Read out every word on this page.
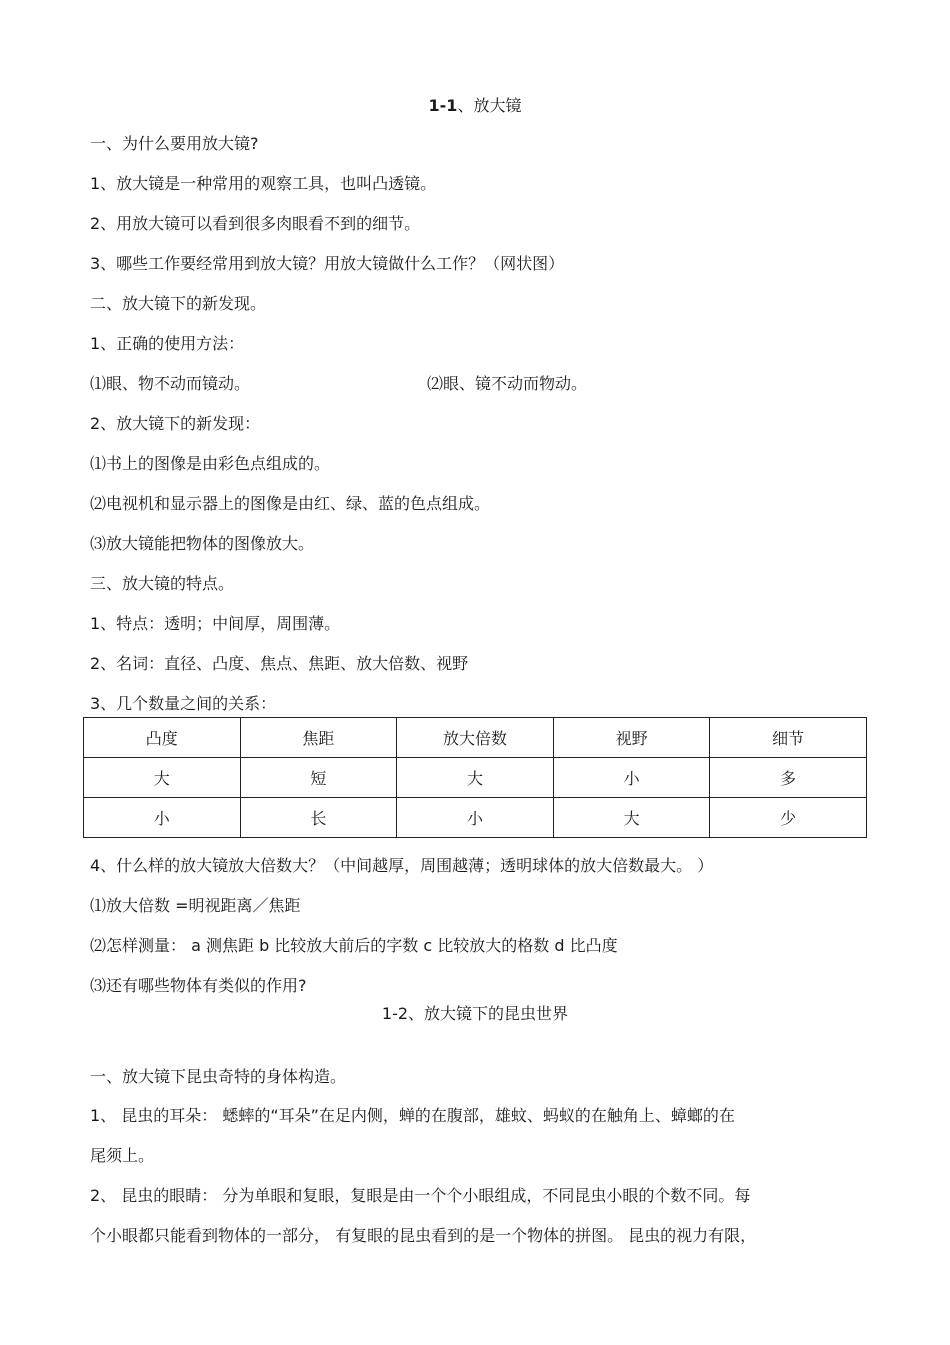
1-1、放大镜
一、为什么要用放大镜?
1、放大镜是一种常用的观察工具，也叫凸透镜。
2、用放大镜可以看到很多肉眼看不到的细节。
3、哪些工作要经常用到放大镜？用放大镜做什么工作？（网状图）
二、放大镜下的新发现。
1、正确的使用方法：
⑴眼、物不动而镜动。	⑵眼、镜不动而物动。
2、放大镜下的新发现：
⑴书上的图像是由彩色点组成的。
⑵电视机和显示器上的图像是由红、绿、蓝的色点组成。
⑶放大镜能把物体的图像放大。
三、放大镜的特点。
1、特点：透明；中间厚，周围薄。
2、名词：直径、凸度、焦点、焦距、放大倍数、视野
3、几个数量之间的关系：
凸度	焦距	放大倍数	视野	细节
大	短	大	小	多
小	长	小	大	少
4、什么样的放大镜放大倍数大？（中间越厚，周围越薄；透明球体的放大倍数最大。 ）
⑴放大倍数 =明视距离／焦距
⑵怎样测量： a 测焦距 b 比较放大前后的字数 c 比较放大的格数 d 比凸度
⑶还有哪些物体有类似的作用?
1-2、放大镜下的昆虫世界
一、放大镜下昆虫奇特的身体构造。
1、 昆虫的耳朵： 蟋蟀的“耳朵”在足内侧，蝉的在腹部，雄蚊、蚂蚁的在触角上、蟑螂的在
尾须上。
2、 昆虫的眼睛： 分为单眼和复眼，复眼是由一个个小眼组成，不同昆虫小眼的个数不同。每
个小眼都只能看到物体的一部分， 有复眼的昆虫看到的是一个物体的拼图。 昆虫的视力有限，
